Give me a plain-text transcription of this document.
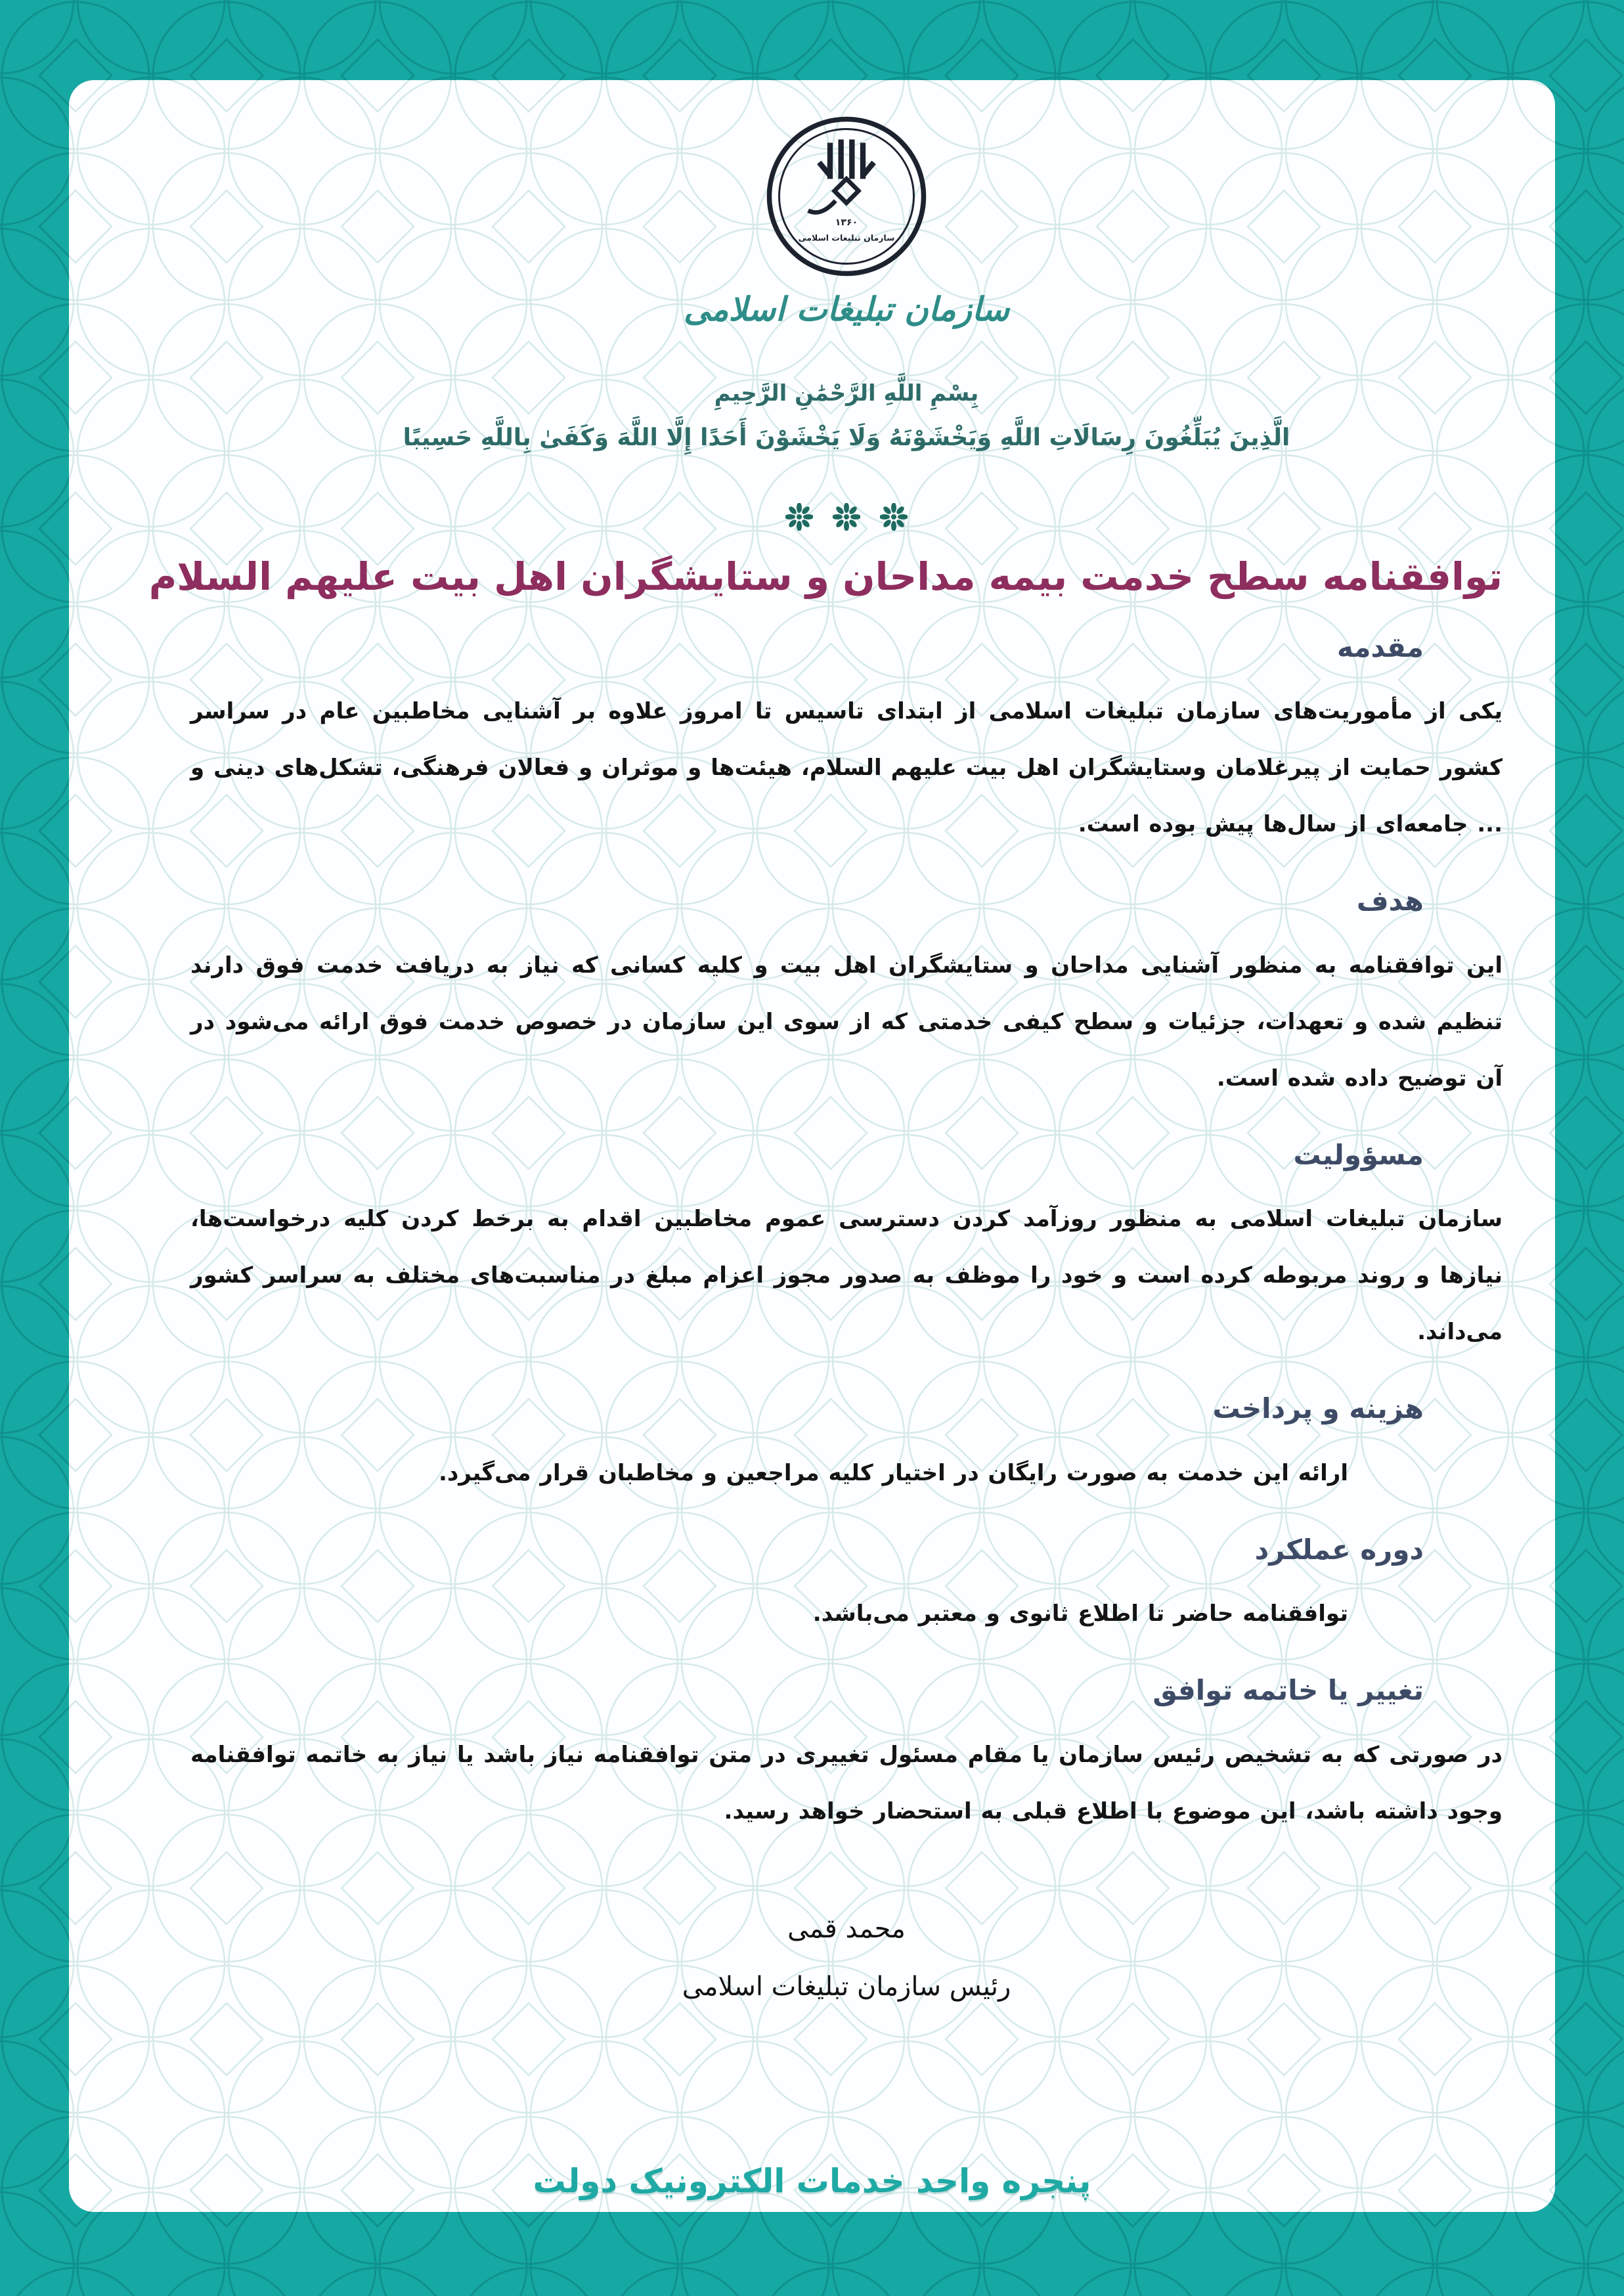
۱۳۶۰
سازمان تبلیغات اسلامی
سازمان تبلیغات اسلامی
بِسْمِ اللَّهِ الرَّحْمَٰنِ الرَّحِيمِ
الَّذِينَ يُبَلِّغُونَ رِسَالَاتِ اللَّهِ وَيَخْشَوْنَهُ وَلَا يَخْشَوْنَ أَحَدًا إِلَّا اللَّهَ وَكَفَىٰ بِاللَّهِ حَسِيبًا
توافقنامه سطح خدمت بیمه مداحان و ستایشگران اهل بیت علیهم السلام
مقدمه

یکی از مأموریت‌های سازمان تبلیغات اسلامی از ابتدای تاسیس تا امروز علاوه بر آشنایی مخاطبین عام در سراسر کشور حمایت از پیرغلامان وستایشگران اهل بیت علیهم السلام، هیئت‌ها و موثران و فعالان فرهنگی، تشکل‌های دینی و ... جامعه‌ای از سال‌ها پیش بوده است.

هدف

این توافقنامه به منظور آشنایی مداحان و ستایشگران اهل بیت و کلیه کسانی که نیاز به دریافت خدمت فوق دارند تنظیم شده و تعهدات، جزئیات و سطح کیفی خدمتی که از سوی این سازمان در خصوص خدمت فوق ارائه می‌شود در آن توضیح داده شده است.

مسؤولیت

سازمان تبلیغات اسلامی به منظور روزآمد کردن دسترسی عموم مخاطبین اقدام به برخط کردن کلیه درخواست‌ها، نیازها و روند مربوطه کرده است و خود را موظف به صدور مجوز اعزام مبلغ در مناسبت‌های مختلف به سراسر کشور می‌داند.

هزینه و پرداخت

ارائه این خدمت به صورت رایگان در اختیار کلیه مراجعین و مخاطبان قرار می‌گیرد.

دوره عملکرد

توافقنامه حاضر تا اطلاع ثانوی و معتبر می‌باشد.

تغییر یا خاتمه توافق

در صورتی که به تشخیص رئیس سازمان یا مقام مسئول تغییری در متن توافقنامه نیاز باشد یا نیاز به خاتمه توافقنامه وجود داشته باشد، این موضوع با اطلاع قبلی به استحضار خواهد رسید.

محمد قمی
رئیس سازمان تبلیغات اسلامی
پنجره واحد خدمات الکترونیک دولت
